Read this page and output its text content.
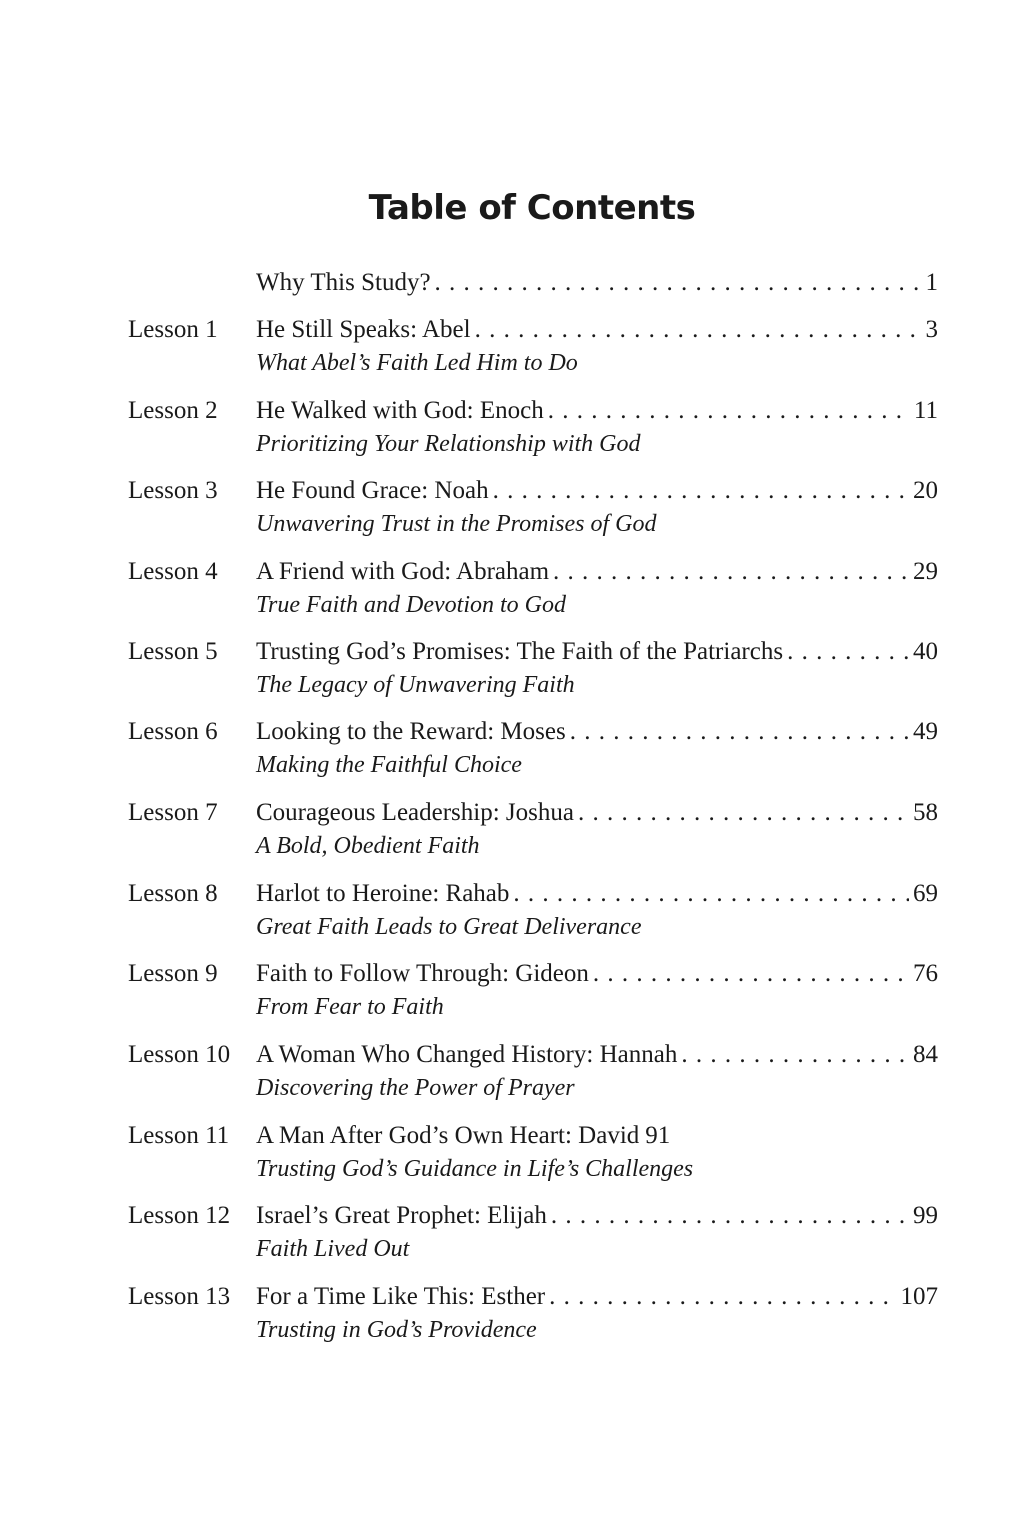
Table of Contents
Why This Study? . . .	1
Lesson 1 He Still Speaks: Abel . . .	3
What Abel’s Faith Led Him to Do
Lesson 2 He Walked with God: Enoch . . .	11
Prioritizing Your Relationship with God
Lesson 3 He Found Grace: Noah . . .	20
Unwavering Trust in the Promises of God
Lesson 4 A Friend with God: Abraham . . .	29
True Faith and Devotion to God
Lesson 5 Trusting God’s Promises: The Faith of the Patriarchs . . .	40
The Legacy of Unwavering Faith
Lesson 6 Looking to the Reward: Moses . . .	49
Making the Faithful Choice
Lesson 7 Courageous Leadership: Joshua . . .	58
A Bold, Obedient Faith
Lesson 8 Harlot to Heroine: Rahab . . .	69
Great Faith Leads to Great Deliverance
Lesson 9 Faith to Follow Through: Gideon . . .	76
From Fear to Faith
Lesson 10 A Woman Who Changed History: Hannah . . .	84
Discovering the Power of Prayer
Lesson 11 A Man After God’s Own Heart: David 91
Trusting God’s Guidance in Life’s Challenges
Lesson 12 Israel’s Great Prophet: Elijah . . .	99
Faith Lived Out
Lesson 13 For a Time Like This: Esther . . .	107
Trusting in God’s Providence
